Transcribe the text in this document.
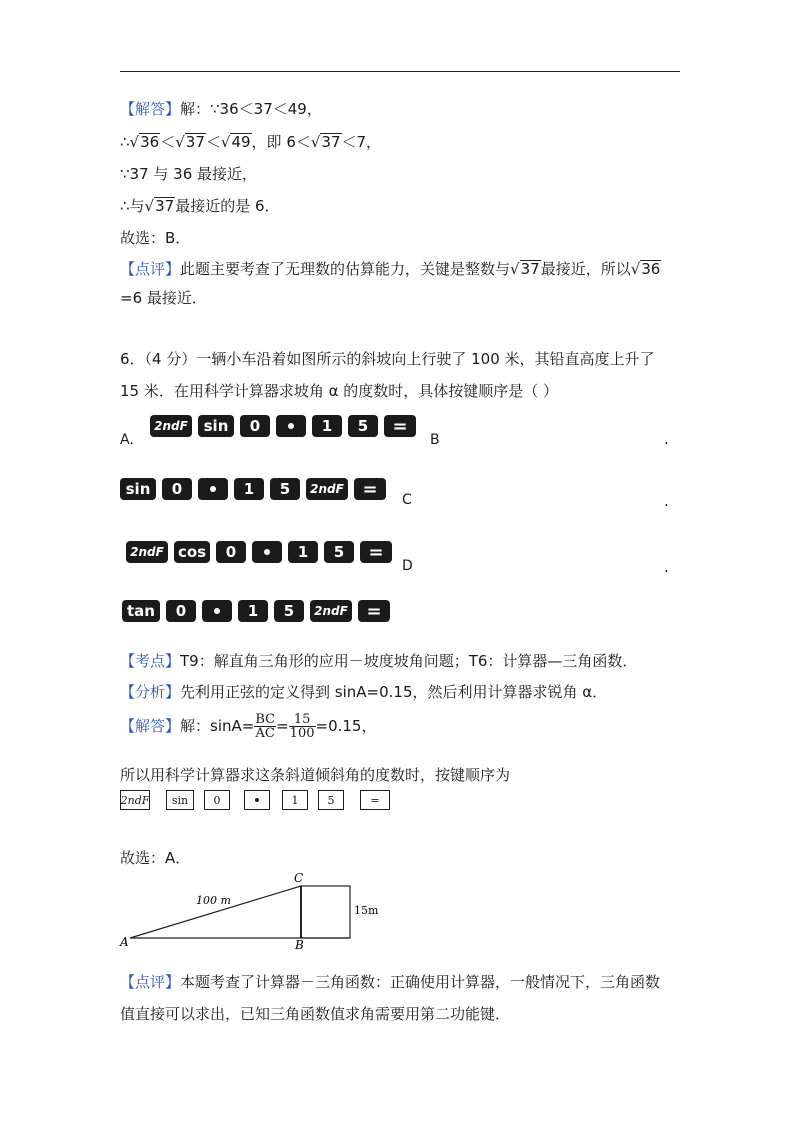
【解答】解：∵36＜37＜49，
∴√36＜√37＜√49，即 6＜√37＜7，
∵37 与 36 最接近，
∴与√37最接近的是 6．
故选：B．
【点评】此题主要考查了无理数的估算能力，关键是整数与√37最接近，所以√36
=6 最接近．
6．（4 分）一辆小车沿着如图所示的斜坡向上行驶了 100 米，其铅直高度上升了
15 米．在用科学计算器求坡角 α 的度数时，具体按键顺序是（ ）
A.
2ndF	sin	0	1	5	=
B	.
sin	0	1	5	2ndF	=
C	.
2ndF cos	0	1	5	=
D	.
tan	0	1	5	2ndF	=
【考点】T9：解直角三角形的应用－坡度坡角问题；T6：计算器—三角函数．
【分析】先利用正弦的定义得到 sinA=0.15，然后利用计算器求锐角 α．
【解答】解：$\sin A= \frac{BC}{AC} = \frac{15}{100} =0.15$，
所以用科学计算器求这条斜道倾斜角的度数时，按键顺序为
2ndF	sin	0	1	5	=
故选：A．
A	B
C
100 m
15m
【点评】本题考查了计算器－三角函数：正确使用计算器，一般情况下，三角函数
值直接可以求出，已知三角函数值求角需要用第二功能键．
